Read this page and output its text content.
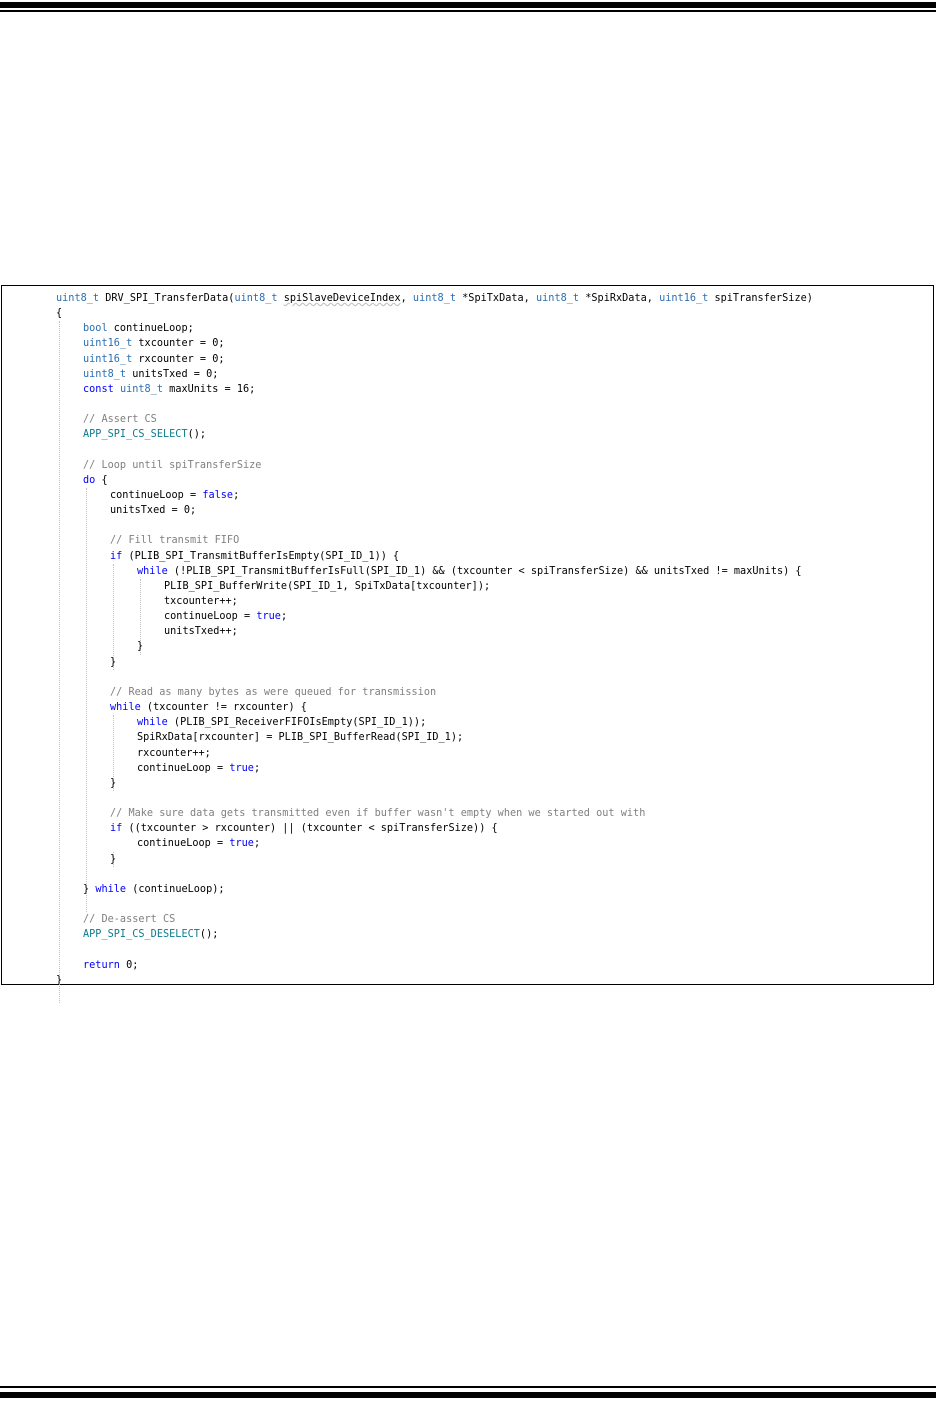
uint8_t DRV_SPI_TransferData(uint8_t spiSlaveDeviceIndex, uint8_t *SpiTxData, uint8_t *SpiRxData, uint16_t spiTransferSize)
{
bool continueLoop;
uint16_t txcounter = 0;
uint16_t rxcounter = 0;
uint8_t unitsTxed = 0;
const uint8_t maxUnits = 16;
// Assert CS
APP_SPI_CS_SELECT();
// Loop until spiTransferSize
do {
continueLoop = false;
unitsTxed = 0;
// Fill transmit FIFO
if (PLIB_SPI_TransmitBufferIsEmpty(SPI_ID_1)) {
while (!PLIB_SPI_TransmitBufferIsFull(SPI_ID_1) && (txcounter < spiTransferSize) && unitsTxed != maxUnits) {
PLIB_SPI_BufferWrite(SPI_ID_1, SpiTxData[txcounter]);
txcounter++;
continueLoop = true;
unitsTxed++;
}
}
// Read as many bytes as were queued for transmission
while (txcounter != rxcounter) {
while (PLIB_SPI_ReceiverFIFOIsEmpty(SPI_ID_1));
SpiRxData[rxcounter] = PLIB_SPI_BufferRead(SPI_ID_1);
rxcounter++;
continueLoop = true;
}
// Make sure data gets transmitted even if buffer wasn't empty when we started out with
if ((txcounter > rxcounter) || (txcounter < spiTransferSize)) {
continueLoop = true;
}
} while (continueLoop);
// De-assert CS
APP_SPI_CS_DESELECT();
return 0;
}
